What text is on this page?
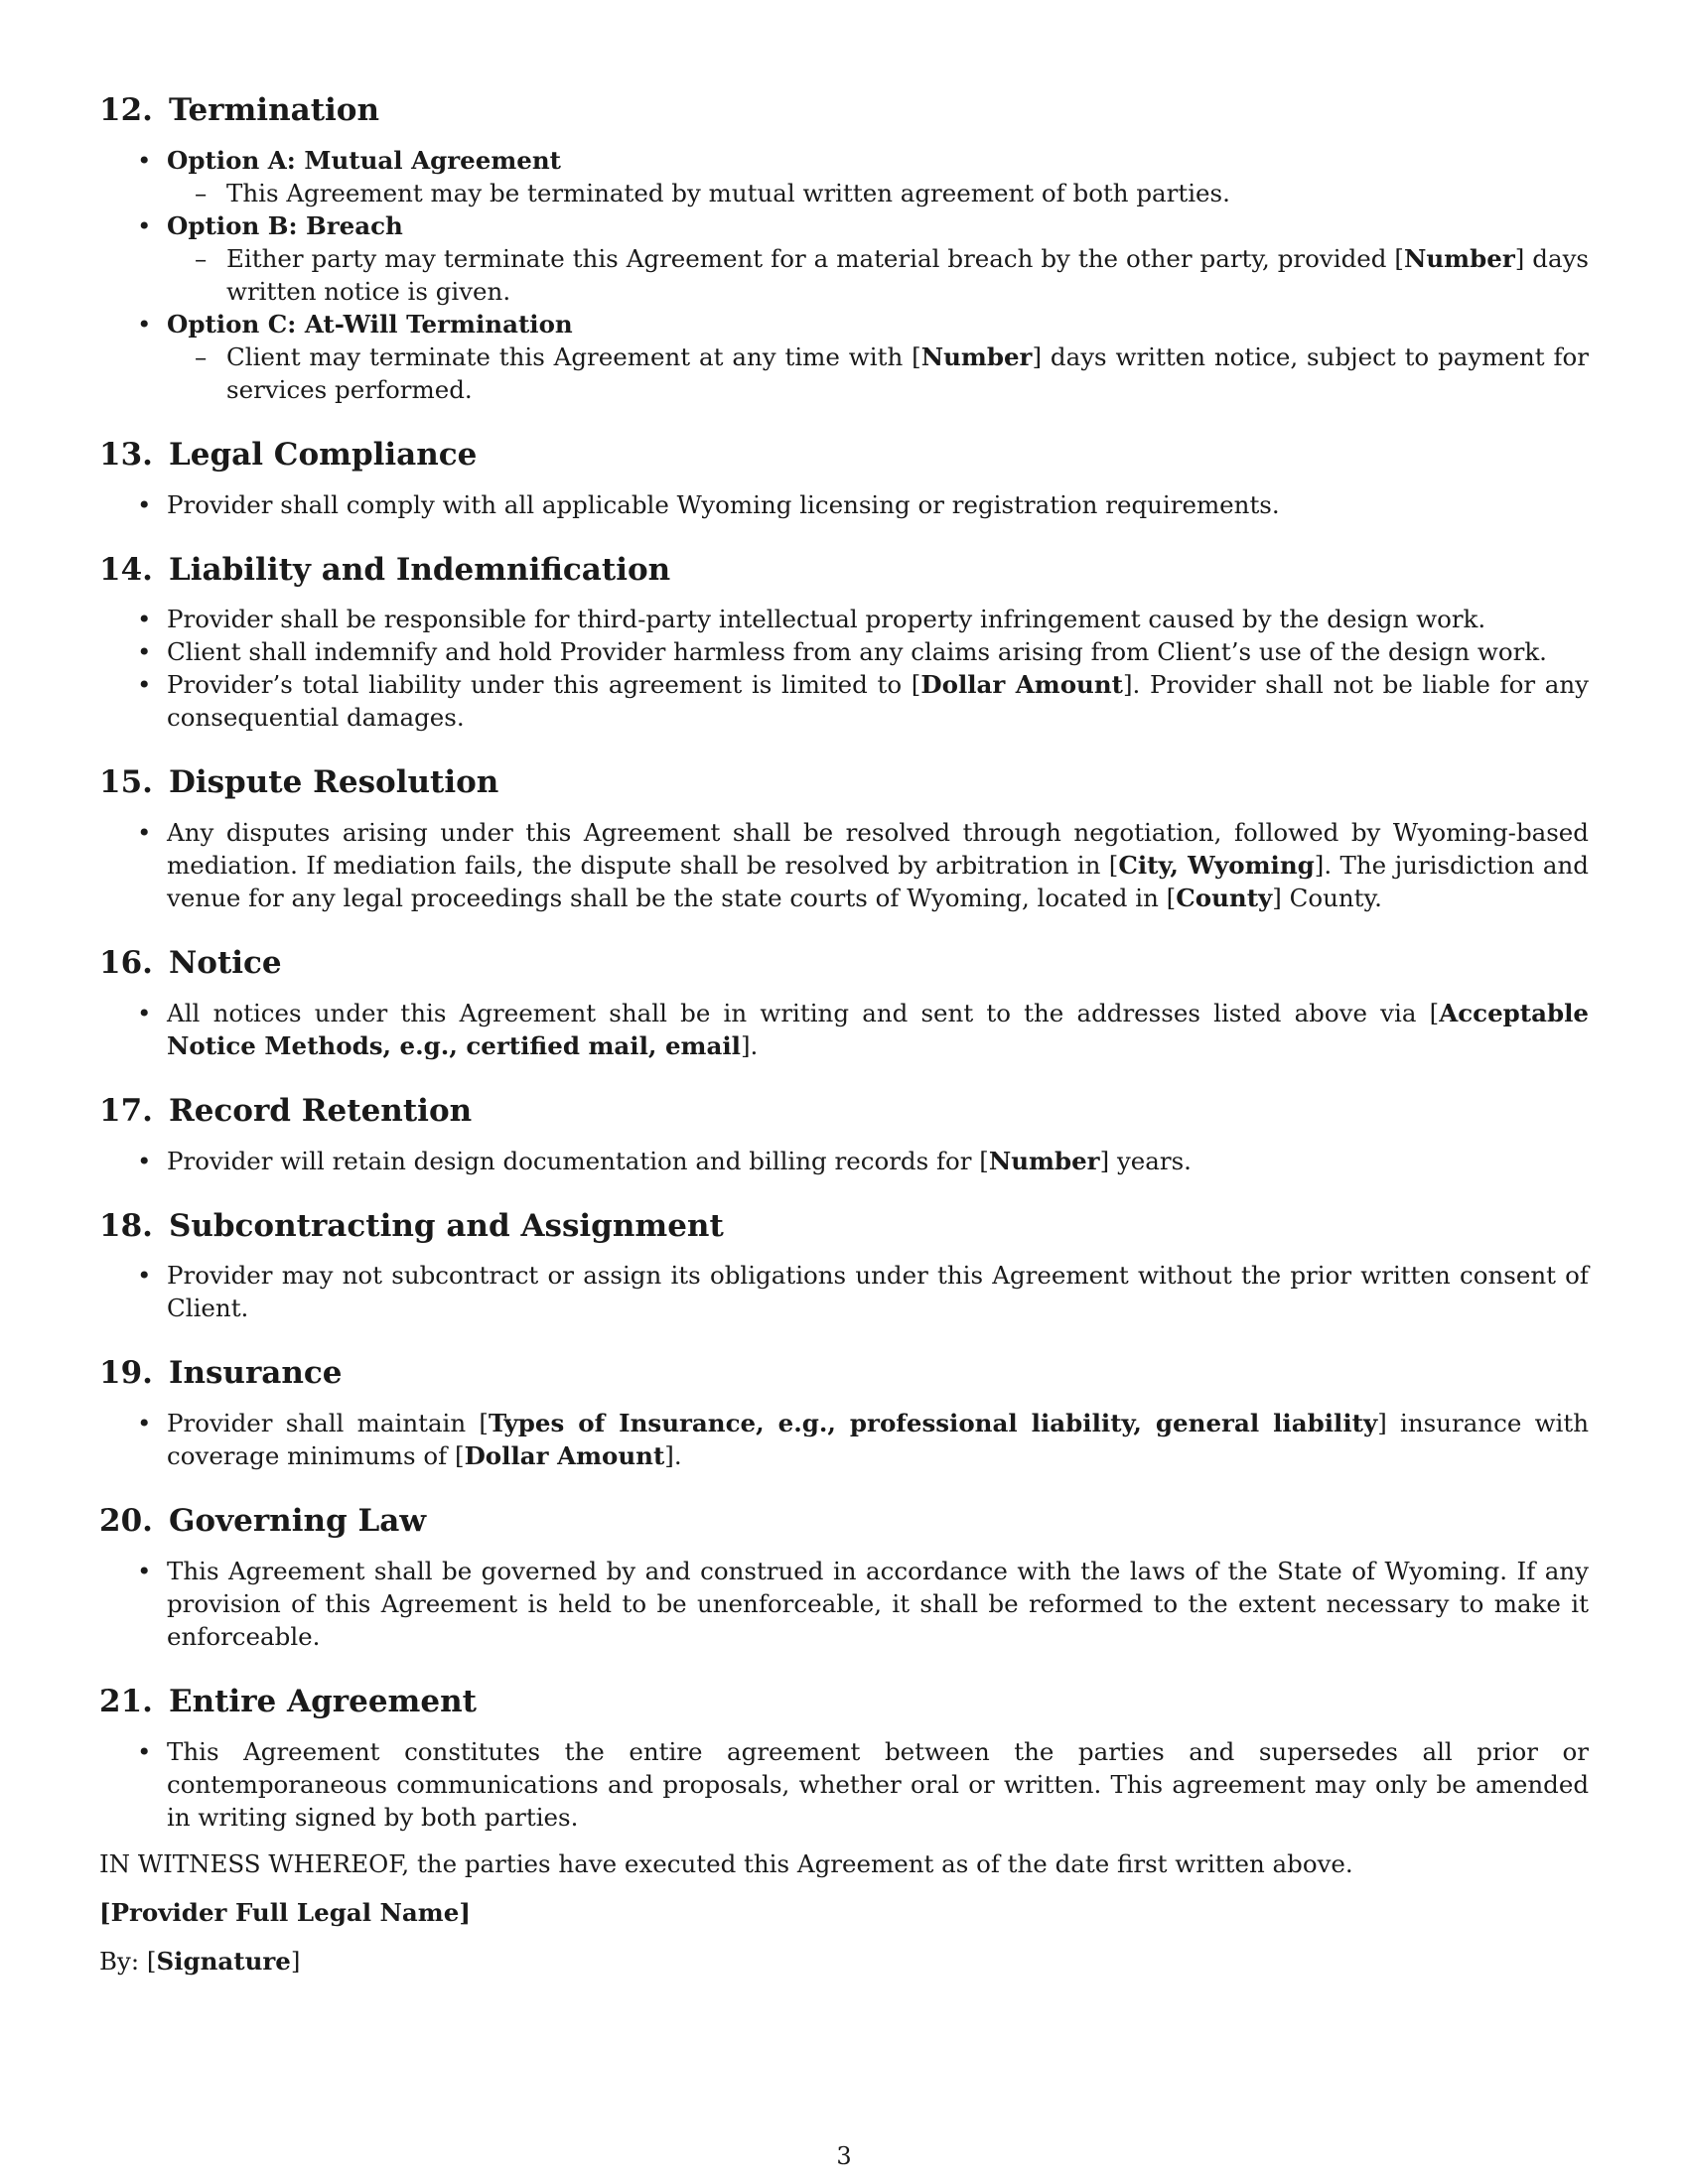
12. Termination
• Option A: Mutual Agreement
– This Agreement may be terminated by mutual written agreement of both parties.
• Option B: Breach
– Either party may terminate this Agreement for a material breach by the other party, provided [Number] days written notice is given.
• Option C: At-Will Termination
– Client may terminate this Agreement at any time with [Number] days written notice, subject to payment for services performed.
13. Legal Compliance
• Provider shall comply with all applicable Wyoming licensing or registration requirements.
14. Liability and Indemnification
• Provider shall be responsible for third-party intellectual property infringement caused by the design work.
• Client shall indemnify and hold Provider harmless from any claims arising from Client’s use of the design work.
• Provider’s total liability under this agreement is limited to [Dollar Amount]. Provider shall not be liable for any consequential damages.
15. Dispute Resolution
• Any disputes arising under this Agreement shall be resolved through negotiation, followed by Wyoming-based mediation. If mediation fails, the dispute shall be resolved by arbitration in [City, Wyoming]. The jurisdiction and venue for any legal proceedings shall be the state courts of Wyoming, located in [County] County.
16. Notice
• All notices under this Agreement shall be in writing and sent to the addresses listed above via [Acceptable Notice Methods, e.g., certified mail, email].
17. Record Retention
• Provider will retain design documentation and billing records for [Number] years.
18. Subcontracting and Assignment
• Provider may not subcontract or assign its obligations under this Agreement without the prior written consent of Client.
19. Insurance
• Provider shall maintain [Types of Insurance, e.g., professional liability, general liability] insurance with coverage minimums of [Dollar Amount].
20. Governing Law
• This Agreement shall be governed by and construed in accordance with the laws of the State of Wyoming. If any provision of this Agreement is held to be unenforceable, it shall be reformed to the extent necessary to make it enforceable.
21. Entire Agreement
• This Agreement constitutes the entire agreement between the parties and supersedes all prior or contemporaneous communications and proposals, whether oral or written. This agreement may only be amended in writing signed by both parties.

IN WITNESS WHEREOF, the parties have executed this Agreement as of the date first written above.

[Provider Full Legal Name]

By: [Signature]

3
